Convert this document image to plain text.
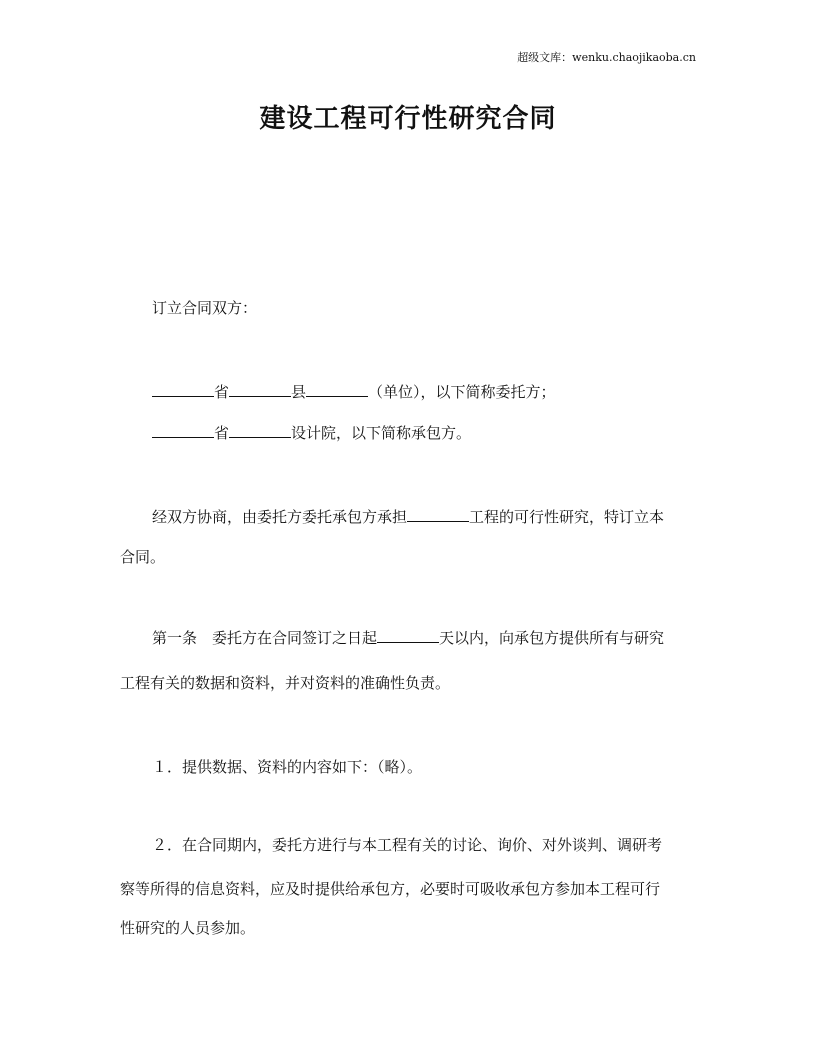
超级文库：wenku.chaojikaoba.cn
建设工程可行性研究合同
订立合同双方：
省	县	（单位），以下简称委托方；
省	设计院，以下简称承包方。
经双方协商，由委托方委托承包方承担	工程的可行性研究，特订立本
合同。
第一条　委托方在合同签订之日起	天以内，向承包方提供所有与研究
工程有关的数据和资料，并对资料的准确性负责。
１．提供数据、资料的内容如下：（略）。
２．在合同期内，委托方进行与本工程有关的讨论、询价、对外谈判、调研考
察等所得的信息资料，应及时提供给承包方，必要时可吸收承包方参加本工程可行
性研究的人员参加。
